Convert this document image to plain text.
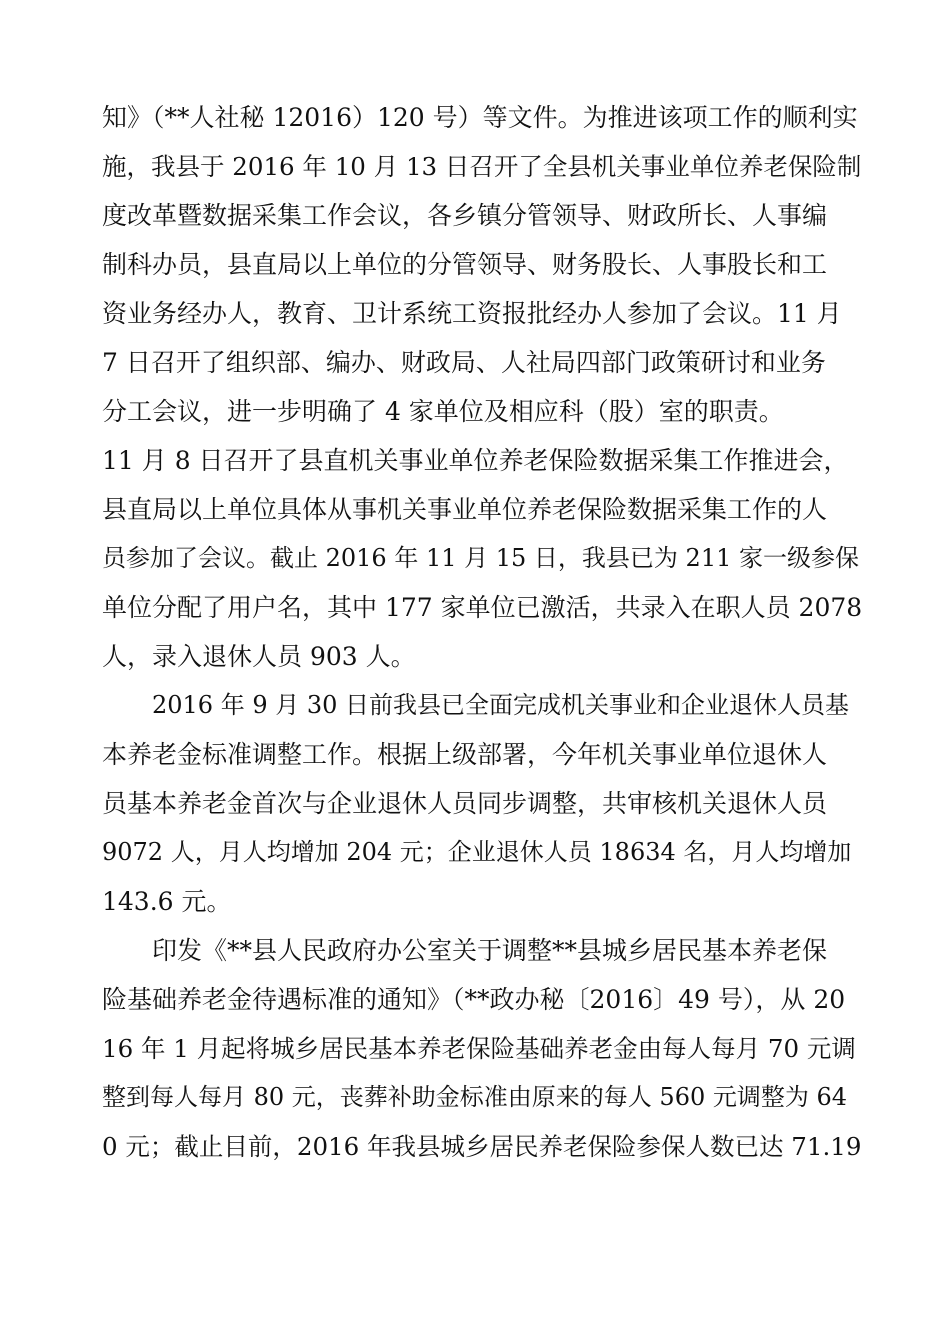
知》（**人社秘 12016）120 号）等文件。为推进该项工作的顺利实
施，我县于 2016 年 10 月 13 日召开了全县机关事业单位养老保险制
度改革暨数据采集工作会议，各乡镇分管领导、财政所长、人事编
制科办员，县直局以上单位的分管领导、财务股长、人事股长和工
资业务经办人，教育、卫计系统工资报批经办人参加了会议。11 月
7 日召开了组织部、编办、财政局、人社局四部门政策研讨和业务
分工会议，进一步明确了 4 家单位及相应科（股）室的职责。
11 月 8 日召开了县直机关事业单位养老保险数据采集工作推进会，
县直局以上单位具体从事机关事业单位养老保险数据采集工作的人
员参加了会议。截止 2016 年 11 月 15 日，我县已为 211 家一级参保
单位分配了用户名，其中 177 家单位已激活，共录入在职人员 2078
人，录入退休人员 903 人。
2016 年 9 月 30 日前我县已全面完成机关事业和企业退休人员基
本养老金标准调整工作。根据上级部署，今年机关事业单位退休人
员基本养老金首次与企业退休人员同步调整，共审核机关退休人员
9072 人，月人均增加 204 元；企业退休人员 18634 名，月人均增加
143.6 元。
印发《**县人民政府办公室关于调整**县城乡居民基本养老保
险基础养老金待遇标准的通知》（**政办秘〔2016〕49 号），从 20
16 年 1 月起将城乡居民基本养老保险基础养老金由每人每月 70 元调
整到每人每月 80 元，丧葬补助金标准由原来的每人 560 元调整为 64
0 元；截止目前，2016 年我县城乡居民养老保险参保人数已达 71.19
